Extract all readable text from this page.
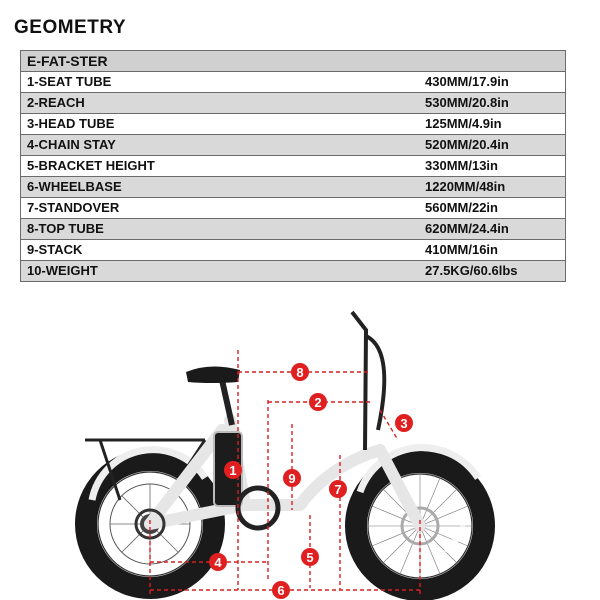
GEOMETRY
E-FAT-STER	
1-SEAT TUBE	430MM/17.9in
2-REACH	530MM/20.8in
3-HEAD TUBE	125MM/4.9in
4-CHAIN STAY	520MM/20.4in
5-BRACKET HEIGHT	330MM/13in
6-WHEELBASE	1220MM/48in
7-STANDOVER	560MM/22in
8-TOP TUBE	620MM/24.4in
9-STACK	410MM/16in
10-WEIGHT	27.5KG/60.6lbs
KENDA
1
2
3
4	5
6
7
8
9
